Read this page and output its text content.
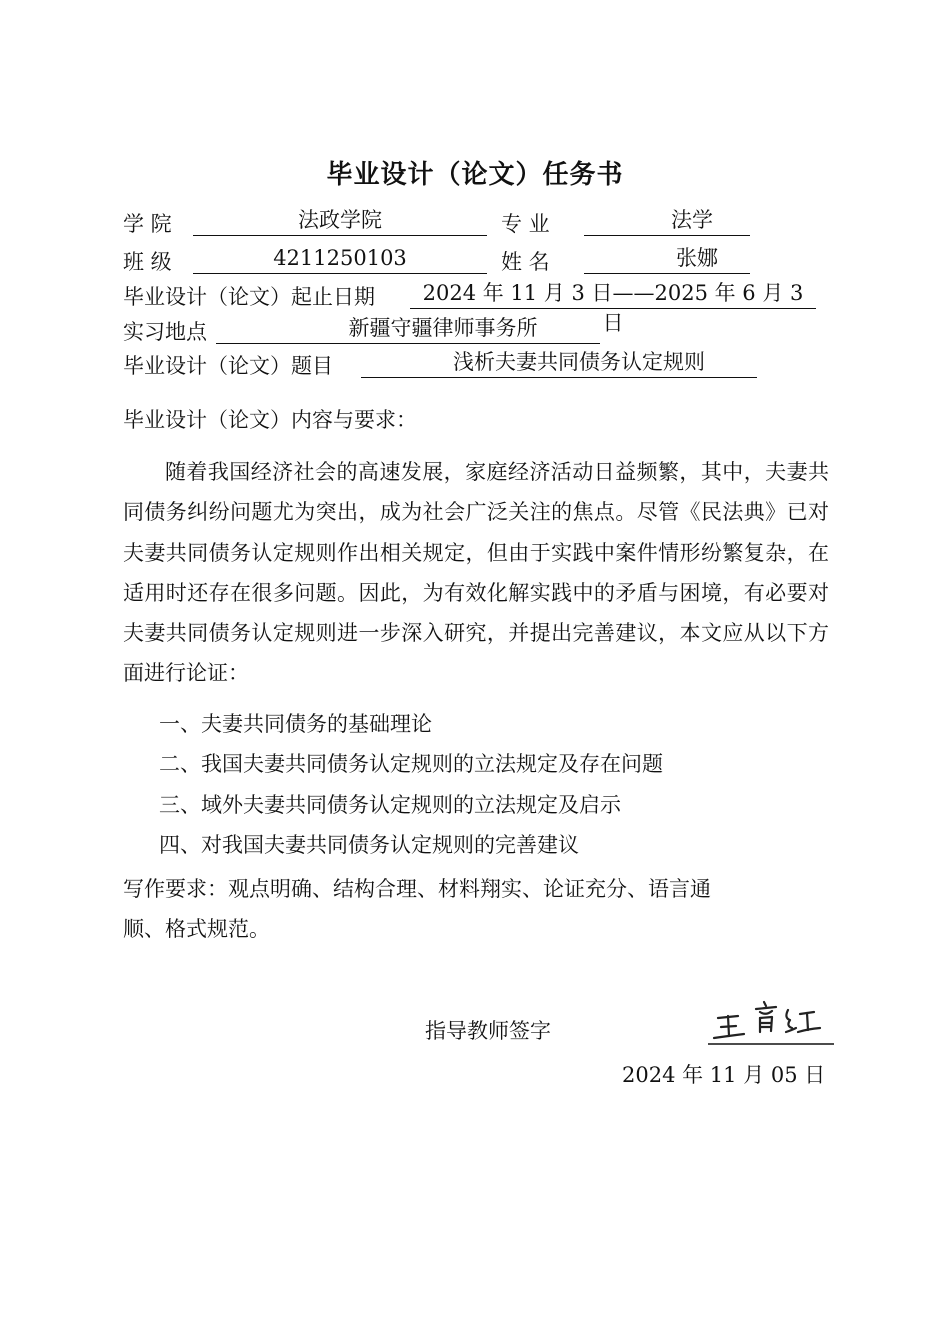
毕业设计（论文）任务书
学 院	法政学院	专 业	法学
班 级	4211250103	姓 名	张娜
毕业设计（论文）起止日期	2024 年 11 月 3 日——2025 年 6 月 3 日
实习地点	新疆守疆律师事务所
毕业设计（论文）题目	浅析夫妻共同债务认定规则
毕业设计（论文）内容与要求：
随着我国经济社会的高速发展，家庭经济活动日益频繁，其中，夫妻共同债务纠纷问题尤为突出，成为社会广泛关注的焦点。尽管《民法典》已对夫妻共同债务认定规则作出相关规定，但由于实践中案件情形纷繁复杂，在适用时还存在很多问题。因此，为有效化解实践中的矛盾与困境，有必要对夫妻共同债务认定规则进一步深入研究，并提出完善建议，本文应从以下方面进行论证：
一、夫妻共同债务的基础理论
二、我国夫妻共同债务认定规则的立法规定及存在问题
三、域外夫妻共同债务认定规则的立法规定及启示
四、对我国夫妻共同债务认定规则的完善建议
写作要求：观点明确、结构合理、材料翔实、论证充分、语言通
顺、格式规范。
指导教师签字
2024 年 11 月 05 日
